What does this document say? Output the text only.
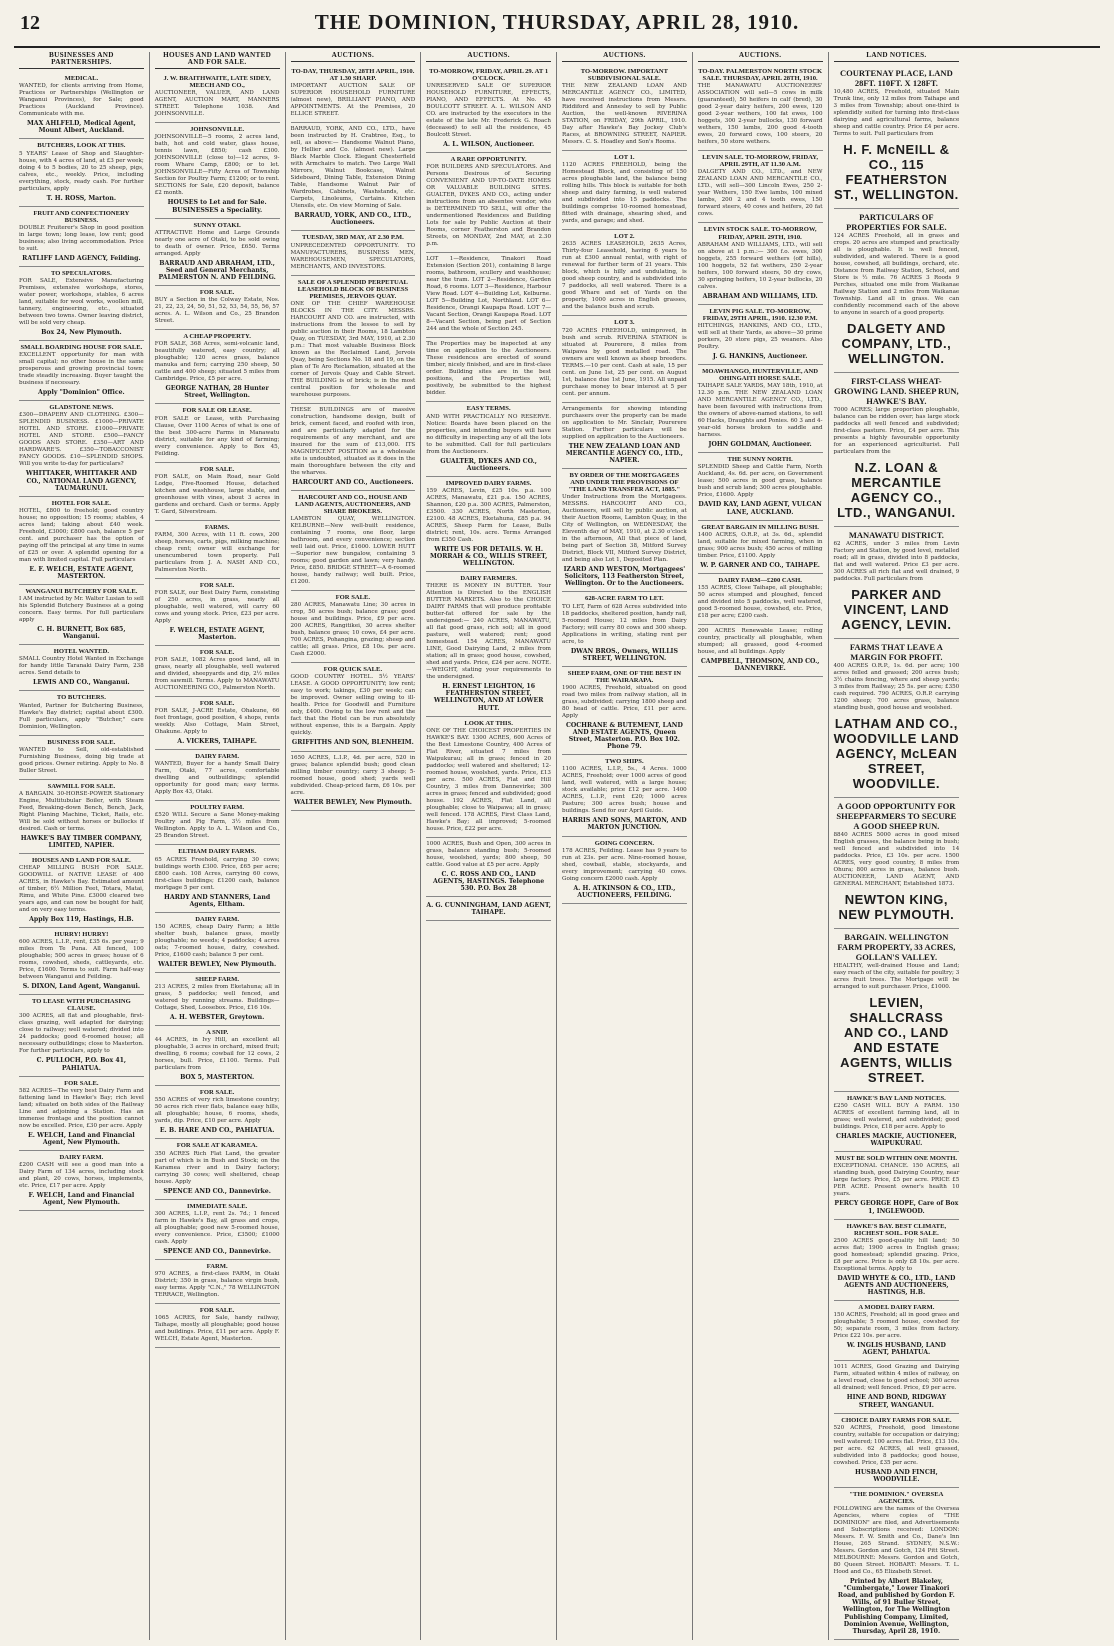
12	THE DOMINION, THURSDAY, APRIL 28, 1910.
BUSINESSES AND PARTNERSHIPS.
MEDICAL.
WANTED, for clients arriving from Home, Practices or Partnerships (Wellington or Wanganui Provinces), for Sale; good Practices (Auckland Province). Communicate with me.
MAX AHLFELD, Medical Agent, Mount Albert, Auckland.
BUTCHERS, LOOK AT THIS.
5 YEARS' Lease of Shop and Slaughter-house, with 4 acres of land, at £3 per week; doing 4 to 5 bodies, 20 to 25 sheep, pigs, calves, etc., weekly. Price, including everything, stock, ready cash. For further particulars, apply
T. H. ROSS, Marton.
FRUIT AND CONFECTIONERY BUSINESS.
DOUBLE Fruiterer's Shop in good position in large town; long lease, low rent; good business; also living accommodation. Price to suit.
RATLIFF LAND AGENCY, Feilding.
TO SPECULATORS.
FOR SALE, Extensive Manufacturing Premises, extensive workshops, stores, water power, workshops, stables, 6 acres land, suitable for wool works, woollen mill, tannery, engineering, etc., situated between two towns. Owner leaving district, will be sold very cheap.
Box 24, New Plymouth.
SMALL BOARDING HOUSE FOR SALE.
EXCELLENT opportunity for man with small capital; no other house in the same prosperous and growing provincial town; trade steadily increasing. Buyer taught the business if necessary.
Apply "Dominion" Office.
GLADSTONE NEWS.
£300—DRAPERY AND CLOTHING. £300—SPLENDID BUSINESS. £1000—PRIVATE HOTEL AND STORE. £1000—PRIVATE HOTEL AND STORE. £500—FANCY GOODS AND STORE. £350—ART AND HARDWARE'S. £350—TOBACCONIST FANCY GOODS. £10—SPLENDID SHOPS. Will you write to-day for particulars?
WHITTAKER, WHITTAKER AND CO., NATIONAL LAND AGENCY, TAUMARUNUI.
HOTEL FOR SALE.
HOTEL, £800 to freehold; good country house; no opposition; 15 rooms; stables, 4 acres land; taking about £40 week. Freehold, £3000; £800 cash, balance 5 per cent. and purchaser has the option of paying off the principal at any time in sums of £25 or over. A splendid opening for a man with limited capital. Full particulars
E. F. WELCH, ESTATE AGENT, MASTERTON.
WANGANUI BUTCHERY FOR SALE.
I AM instructed by Mr. Walter Lusian to sell his Splendid Butchery Business at a going concern. Easy terms. For full particulars apply
C. H. BURNETT, Box 685, Wanganui.
HOTEL WANTED.
SMALL Country Hotel Wanted in Exchange for handy little Taranaki Dairy Farm, 238 acres. Send details to
LEWIS AND CO., Wanganui.
TO BUTCHERS.
Wanted, Partner for Butchering Business, Hawke's Bay district; capital about £300. Full particulars, apply "Butcher," care Dominion, Wellington.
BUSINESS FOR SALE.
WANTED to Sell, old-established Furnishing Business, doing big trade at good prices. Owner retiring. Apply to No. 8 Buller Street.
SAWMILL FOR SALE.
A BARGAIN. 30-HORSE-POWER Stationary Engine, Multitubular Boiler, with Steam Feed, Breaking-down Bench, Bench, Jack, Right Planing Machine, Ticket, Rails, etc. Will be sold without horses or bullocks if desired. Cash or terms.
HAWKE'S BAY TIMBER COMPANY, LIMITED, NAPIER.
HOUSES AND LAND FOR SALE.
CHEAP MILLING BUSH FOR SALE. GOODWILL of NATIVE LEASE of 400 ACRES, in Hawke's Bay. Estimated amount of timber, 6½ Million Feet, Totara, Matai, Rimu, and White Pine. £3000 cleared two years ago, and can now be bought for half, and on very easy terms.
Apply Box 119, Hastings, H.B.
HURRY! HURRY!
600 ACRES, L.I.P., rent, £35 6s. per year; 9 miles from Te Puna. All fenced, 100 ploughable; 500 acres in grass; house of 6 rooms, cowshed, sheds, cattleyards, etc. Price, £1600. Terms to suit. Farm half-way between Wanganui and Feilding.
S. DIXON, Land Agent, Wanganui.
TO LEASE WITH PURCHASING CLAUSE.
300 ACRES, all flat and ploughable, first-class grazing, well adapted for dairying; close to railway; well watered; divided into 24 paddocks; good 6-roomed house; all necessary outbuildings; close to Masterton. For further particulars, apply to
C. PULLOCH, P.O. Box 41, PAHIATUA.
FOR SALE.
582 ACRES—The very best Dairy Farm and fattening land in Hawke's Bay; rich level land; situated on both sides of the Railway Line and adjoining a Station. Has an immense frontage and the position cannot now be excelled. Price, £30 per acre. Apply
E. WELCH, Land and Financial Agent, New Plymouth.
DAIRY FARM.
£200 CASH will see a good man into a Dairy Farm of 134 acres, including stock and plant, 20 cows, horses, implements, etc. Price, £17 per acre. Apply
F. WELCH, Land and Financial Agent, New Plymouth.
HOUSES AND LAND WANTED AND FOR SALE.
J. W. BRAITHWAITE, LATE SIDEY, MEECH AND CO.,
AUCTIONEER, VALUER, AND LAND AGENT, AUCTION MART, MANNERS STREET. Telephone 1038. And JOHNSONVILLE.
JOHNSONVILLE.
JOHNSONVILLE—5 rooms, 2 acres land, bath, hot and cold water, glass house, tennis lawn, £850; cash £300. JOHNSONVILLE (close to)—12 acres, 9-room Whare Camp, £800; or to let. JOHNSONVILLE—Fifty Acres of Township Section for Poultry Farm; £1200; or to rent. SECTIONS for Sale, £20 deposit, balance £2 month.
HOUSES to Let and for Sale. BUSINESSES a Speciality.
SUNNY OTAKI.
ATTRACTIVE Home and Large Grounds nearly one acre of Otaki, to be sold owing to death of owner. Price, £650. Terms arranged. Apply
BARRAUD AND ABRAHAM, LTD., Seed and General Merchants, PALMERSTON N. AND FEILDING.
FOR SALE.
BUY a Section in the Colway Estate, Nos. 21, 22, 23, 24, 50, 51, 52, 53, 54, 55, 56, 57 acres. A. L. Wilson and Co., 25 Brandon Street.
A CHEAP PROPERTY.
FOR SALE, 368 Acres, semi-volcanic land, beautifully watered, easy country; all ploughable; 120 acres grass, balance manuka and fern; carrying 250 sheep, 50 cattle and 400 sheep; situated 5 miles from Cambridge. Price, £5 per acre.
GEORGE NATHAN, 28 Hunter Street, Wellington.
FOR SALE OR LEASE.
FOR SALE or Lease, with Purchasing Clause, Over 1100 Acres of what is one of the best 300-acre Farms in Manawatu district, suitable for any kind of farming; every convenience. Apply to Box 45, Feilding.
FOR SALE.
FOR SALE, on Main Road, near Gold Lodge, Five-Roomed House, detached kitchen and washhouse, large stable, and greenhouse with vines, about 3 acres in gardens and orchard. Cash or terms. Apply T. Gard, Silverstream.
FARMS.
FARM, 300 Acres, with 11 ft. cows, 200 sheep, horses, carts, pigs, milking machine; cheap rent; owner will exchange for unencumbered town property. Full particulars from J. A. NASH AND CO., Palmerston North.
FOR SALE.
FOR SALE, our Best Dairy Farm, consisting of 250 acres, in grass, nearly all ploughable, well watered, will carry 60 cows and young stock. Price, £23 per acre. Apply
F. WELCH, ESTATE AGENT, Masterton.
FOR SALE.
FOR SALE, 1082 Acres good land, all in grass, nearly all ploughable, well watered and divided, sheepyards and dip, 2½ miles from sawmill. Terms. Apply to MANAWATU AUCTIONEERING CO., Palmerston North.
FOR SALE.
FOR SALE, J-ACRE Estate, Ohakune, 66 feet frontage, good position, 4 shops, rents weekly. Also Cottage, Main Street, Ohakune. Apply to
A. VICKERS, TAIHAPE.
DAIRY FARM.
WANTED, Buyer for a handy Small Dairy Farm, Otaki, 77 acres, comfortable dwelling and outbuildings; splendid opportunity for good man; easy terms. Apply Box 43, Otaki.
POULTRY FARM.
£520 WILL Secure a Sane Money-making Poultry and Pig Farm, 3½ miles from Wellington. Apply to A. L. Wilson and Co., 25 Brandon Street.
ELTHAM DAIRY FARMS.
65 ACRES Freehold, carrying 30 cows; buildings worth £300. Price, £65 per acre; £800 cash. 108 Acres, carrying 60 cows, first-class buildings; £1200 cash, balance mortgage 5 per cent.
HARDY AND STANNERS, Land Agents, Eltham.
DAIRY FARM.
150 ACRES, cheap Dairy Farm; a little shelter bush, balance grass, mostly ploughable; no weeds; 4 paddocks; 4 acres oats; 7-roomed house, dairy, cowshed. Price, £1600 cash; balance 5 per cent.
WALTER BEWLEY, New Plymouth.
SHEEP FARM.
213 ACRES, 2 miles from Eketahuna; all in grass, 5 paddocks; well fenced, and watered by running streams. Buildings—Cottage, Shed, Loosebox. Price, £16 10s.
A. H. WEBSTER, Greytown.
A SNIP.
44 ACRES, in Ivy Hill, an excellent all ploughable, 3 acres in orchard, mixed fruit; dwelling, 6 rooms; cowbail for 12 cows, 2 horses, bull. Price, £1100. Terms. Full particulars from
BOX 5, MASTERTON.
FOR SALE.
550 ACRES of very rich limestone country; 50 acres rich river flats, balance easy hills, all ploughable; house, 6 rooms, sheds, yards, dip. Price, £10 per acre. Apply
E. B. HARE AND CO., PAHIATUA.
FOR SALE AT KARAMEA.
350 ACRES Rich Flat Land, the greater part of which is in Bush and Stock; on the Karamea river and in Dairy factory; carrying 30 cows; well sheltered, cheap house. Apply
SPENCE AND CO., Dannevirke.
IMMEDIATE SALE.
300 ACRES, L.I.P., rent 2s. 7d.; 1 fenced farm in Hawke's Bay, all grass and crops, all ploughable; good new 5-roomed house, every convenience. Price, £3500; £1000 cash. Apply
SPENCE AND CO., Dannevirke.
FARM.
970 ACRES, a first-class FARM, in Otaki District; 350 in grass, balance virgin bush, easy terms. Apply "C.N.," 78 WELLINGTON TERRACE, Wellington.
FOR SALE.
1065 ACRES, for Sale, handy railway, Taihape, mostly all ploughable; good house and buildings. Price, £11 per acre. Apply F. WELCH, Estate Agent, Masterton.
AUCTIONS.
TO-DAY, THURSDAY, 28TH APRIL, 1910. AT 1.30 SHARP.
IMPORTANT AUCTION SALE OF SUPERIOR HOUSEHOLD FURNITURE (almost new), BRILLIANT PIANO, AND APPOINTMENTS. At the Premises, 20 ELLICE STREET.
BARRAUD, YORK, AND CO., LTD., have been instructed by H. Crabtree, Esq., to sell, as above:— Handsome Walnut Piano, by Hellier and Co. (almost new). Large Black Marble Clock. Elegant Chesterfield with Armchairs to match. Two Large Wall Mirrors, Walnut Bookcase, Walnut Sideboard, Dining Table, Extension Dining Table, Handsome Walnut Pair of Wardrobes, Cabinets, Washstands, etc. Carpets, Linoleums, Curtains. Kitchen Utensils, etc. On view Morning of Sale.
BARRAUD, YORK, AND CO., LTD., Auctioneers.
TUESDAY, 3RD MAY, AT 2.30 P.M.
UNPRECEDENTED OPPORTUNITY. TO MANUFACTURERS, BUSINESS MEN, WAREHOUSEMEN, SPECULATORS, MERCHANTS, AND INVESTORS.
SALE OF A SPLENDID PERPETUAL LEASEHOLD BLOCK OF BUSINESS PREMISES, JERVOIS QUAY.
ONE OF THE CHIEF WAREHOUSE BLOCKS IN THE CITY. MESSRS. HARCOURT AND CO. are instructed, with instructions from the lessee to sell by public auction in their Rooms, 18 Lambton Quay, on TUESDAY, 3rd MAY, 1910, at 2.30 p.m.: That most valuable Business Block known as the Reclaimed Land, Jervois Quay, being Sections No. 18 and 19, on the plan of Te Aro Reclamation, situated at the corner of Jervois Quay and Cable Street. THE BUILDING is of brick; is in the most central position for wholesale and warehouse purposes.
THESE BUILDINGS are of massive construction, handsome design, built of brick, cement faced, and roofed with iron, and are particularly adapted for the requirements of any merchant, and are insured for the sum of £13,000. ITS MAGNIFICENT POSITION as a wholesale site is undoubted, situated as it does in the main thoroughfare between the city and the wharves.
HARCOURT AND CO., Auctioneers.
HARCOURT AND CO., HOUSE AND LAND AGENTS, AUCTIONEERS, AND SHARE BROKERS.
LAMBTON QUAY, WELLINGTON. KELBURNE—New well-built residence, containing 7 rooms, one floor, large bathroom, and every convenience; section well laid out. Price, £1600. LOWER HUTT—Superior new bungalow, containing 5 rooms; good garden and lawn; very handy. Price, £850. BRIDGE STREET—A 6-roomed house, handy railway; well built. Price, £1200.
FOR SALE.
280 ACRES, Manawatu Line; 30 acres in crop, 50 acres bush; balance grass; good house and buildings. Price, £9 per acre. 200 ACRES, Rangitikei, 30 acres shelter bush, balance grass; 10 cows, £4 per acre. 700 ACRES, Pohangina, grazing; sheep and cattle; all grass. Price, £8 10s. per acre. Cash £2000.
FOR QUICK SALE.
GOOD COUNTRY HOTEL. 5½ YEARS' LEASE. A GOOD OPPORTUNITY; low rent; easy to work; takings, £30 per week; can be improved. Owner selling owing to ill-health. Price for Goodwill and Furniture only, £400. Owing to the low rent and the fact that the Hotel can be run absolutely without expense, this is a Bargain. Apply quickly.
GRIFFITHS AND SON, BLENHEIM.
1650 ACRES, L.I.P., 4d. per acre, 520 in grass; balance splendid bush; good clean milling timber country; carry 3 sheep; 5-roomed house, good shed; yards well subdivided. Cheap-priced farm, £6 10s. per acre.
WALTER BEWLEY, New Plymouth.
AUCTIONS.
TO-MORROW, FRIDAY, APRIL 29. AT 1 O'CLOCK.
UNRESERVED SALE OF SUPERIOR HOUSEHOLD FURNITURE, EFFECTS, PIANO, AND EFFECTS. At No. 45 BOULCOTT STREET. A. L. WILSON AND CO. are instructed by the executors in the estate of the late Mr. Frederick G. Roach (deceased) to sell all the residence, 45 Boulcott Street.
A. L. WILSON, Auctioneer.
A RARE OPPORTUNITY.
FOR BUILDERS AND SPECULATORS. And Persons Desirous of Securing CONVENIENT AND UP-TO-DATE HOMES OR VALUABLE BUILDING SITES. GUALTER, DYKES AND CO., acting under instructions from an absentee vendor, who is DETERMINED TO SELL, will offer the undermentioned Residences and Building Lots for sale by Public Auction at their Rooms, corner Featherston and Brandon Streets, on MONDAY, 2nd MAY, at 2.30 p.m.
LOT 1—Residence, Tinakori Road Extension (Section 201), containing 8 large rooms, bathroom, scullery and washhouse; near the tram. LOT 2—Residence, Garden Road, 6 rooms. LOT 3—Residence, Harbour View Road. LOT 4—Building Lot, Kelburne. LOT 5—Building Lot, Northland. LOT 6—Residence, Orangi Kaupapa Road. LOT 7—Vacant Section, Orangi Kaupapa Road. LOT 8—Vacant Section, being part of Section 244 and the whole of Section 245.
The Properties may be inspected at any time on application to the Auctioneers. These residences are erected of sound timber, nicely finished, and are in first-class order. Building sites are in the best positions, and the Properties will, positively, be submitted to the highest bidder.
EASY TERMS.
AND WITH PRACTICALLY NO RESERVE. Notice: Boards have been placed on the properties, and intending buyers will have no difficulty in inspecting any of all the lots to be submitted. Call for full particulars from the Auctioneers.
GUALTER, DYKES AND CO., Auctioneers.
IMPROVED DAIRY FARMS.
159 ACRES, Levin, £25 10s. p.a. 100 ACRES, Manawatu, £21 p.a. 150 ACRES, Shannon, £20 p.a. 300 ACRES, Palmerston, £3500. 330 ACRES, North Masterton, £2100. 48 ACRES, Eketahuna, £85 p.a. 94 ACRES, Sheep Farm for Lease, Bulls district; rent, 10s. acre. Terms Arranged from £350 Cash.
WRITE US FOR DETAILS. W. H. MORRAH & CO., WILLIS STREET, WELLINGTON.
DAIRY FARMERS.
THERE IS MONEY IN BUTTER. Your Attention is Directed to the ENGLISH BUTTER MARKETS. Also to the CHOICE DAIRY FARMS that will produce profitable butter-fat offered for sale by the undersigned:— 240 ACRES, MANAWATU, all flat good grass, rich soil; all in good pasture, well watered; rent; good homestead. 154 ACRES, MANAWATU LINE, Good Dairying Land, 2 miles from station; all in grass; good house, cowshed, shed and yards. Price, £24 per acre. NOTE.—WEIGHT, stating your requirements to the undersigned.
H. ERNEST LEIGHTON, 16 FEATHERSTON STREET, WELLINGTON, AND AT LOWER HUTT.
LOOK AT THIS.
ONE OF THE CHOICEST PROPERTIES IN HAWKE'S BAY. 1300 ACRES, 600 Acres of the Best Limestone Country, 400 Acres of Flat River, situated 7 miles from Waipukurau; all in grass; fenced in 20 paddocks; well watered and sheltered; 12-roomed house, woolshed, yards. Price, £13 per acre. 500 ACRES, Flat and Hill Country, 3 miles from Dannevirke; 300 acres in grass; fenced and subdivided; good house. 192 ACRES, Flat Land, all ploughable; close to Waipawa; all in grass; well fenced. 178 ACRES, First Class Land, Hawke's Bay; all improved; 5-roomed house. Price, £22 per acre.
1000 ACRES, Bush and Open, 300 acres in grass, balance standing bush; 5-roomed house, woolshed, yards; 800 sheep, 50 cattle. Good value at £5 per acre. Apply
C. C. ROSS AND CO., LAND AGENTS, HASTINGS. Telephone 530. P.O. Box 28
A. G. CUNNINGHAM, LAND AGENT, TAIHAPE.
AUCTIONS.
TO-MORROW. IMPORTANT SUBDIVISIONAL SALE.
THE NEW ZEALAND LOAN AND MERCANTILE AGENCY CO., LIMITED, have received instructions from Messrs. Riddiford and Annesley to sell by Public Auction, the well-known RIVERINA STATION, on FRIDAY, 29th APRIL, 1910. Day after Hawke's Bay Jockey Club's Races, at BROWNING STREET, NAPIER. Messrs. C. S. Hoadley and Son's Rooms.
LOT 1.
1120 ACRES FREEHOLD, being the Homestead Block, and consisting of 150 acres ploughable land, the balance being rolling hills. This block is suitable for both sheep and dairy farming, is well watered and subdivided into 15 paddocks. The buildings comprise 10-roomed homestead, fitted with drainage, shearing shed, and yards, and garage; and shed.
LOT 2.
2635 ACRES LEASEHOLD, 2635 Acres, Thirty-four Leasehold, having 6 years to run at £300 annual rental, with right of renewal for further term of 21 years. This block, which is hilly and undulating, is good sheep country, and is subdivided into 7 paddocks, all well watered. There is a good Whare and set of Yards on the property, 1000 acres in English grasses, and the balance bush and scrub.
LOT 3.
720 ACRES FREEHOLD, unimproved, in bush and scrub. RIVERINA STATION is situated at Pourerere, 8 miles from Waipawa by good metalled road. The owners are well known as sheep breeders. TERMS.—10 per cent. Cash at sale, 15 per cent. on June 1st, 25 per cent. on August 1st, balance due 1st June, 1915. All unpaid purchase money to bear interest at 5 per cent. per annum.
Arrangements for showing intending purchasers over the property can be made on application to Mr. Sinclair, Pourerere Station. Further particulars will be supplied on application to the Auctioneers.
THE NEW ZEALAND LOAN AND MERCANTILE AGENCY CO., LTD., NAPIER.
BY ORDER OF THE MORTGAGEES AND UNDER THE PROVISIONS OF "THE LAND TRANSFER ACT, 1885."
Under Instructions from the Mortgagees. MESSRS. HARCOURT AND CO., Auctioneers, will sell by public auction, at their Auction Rooms, Lambton Quay, in the City of Wellington, on WEDNESDAY, the Eleventh day of MAY, 1910, at 2.30 o'clock in the afternoon, All that piece of land, being part of Section 38, Mitford Survey District, Block VII, Mitford Survey District, and being also Lot 1, Deposited Plan.
IZARD AND WESTON, Mortgagees' Solicitors, 113 Featherston Street, Wellington. Or to the Auctioneers.
628-ACRE FARM TO LET.
TO LET, Farm of 628 Acres subdivided into 18 paddocks, sheltered position, handy rail, 5-roomed House; 12 miles from Dairy Factory; will carry 80 cows and 300 sheep. Applications in writing, stating rent per acre, to
DWAN BROS., Owners, WILLIS STREET, WELLINGTON.
SHEEP FARM, ONE OF THE BEST IN THE WAIRARAPA.
1900 ACRES, Freehold, situated on good road two miles from railway station, all in grass, subdivided; carrying 1800 sheep and 80 head of cattle. Price, £11 per acre. Apply
COCHRANE & BUTEMENT, LAND AND ESTATE AGENTS, Queen Street, Masterton. P.O. Box 102. Phone 79.
TWO SHIPS.
1100 ACRES, L.I.P., 5s., 4 Acres. 1000 ACRES, Freehold; over 1000 acres of good land, well watered, with a large house; stock available; price £12 per acre. 1400 ACRES, L.I.P., rent £20; 1000 acres Pasture; 300 acres bush; house and buildings. Send for our April Guide.
HARRIS AND SONS, MARTON, AND MARTON JUNCTION.
GOING CONCERN.
178 ACRES, Feilding. Lease has 9 years to run at 23s. per acre. Nine-roomed house, shed, cowbail, stable, stockyards, and every improvement; carrying 40 cows. Going concern £2000 cash. Apply
A. H. ATKINSON & CO., LTD., AUCTIONEERS, FEILDING.
AUCTIONS.
TO-DAY. PALMERSTON NORTH STOCK SALE. THURSDAY, APRIL 28TH, 1910.
THE MANAWATU AUCTIONEERS' ASSOCIATION will sell—5 cows in milk (guaranteed), 50 heifers in calf (bred), 30 good 2-year dairy heifers, 200 ewes, 120 good 2-year wethers, 100 fat ewes, 100 hoggets, 300 2-year bullocks, 130 forward wethers, 150 lambs, 200 good 4-tooth ewes, 20 forward cows, 100 steers, 20 heifers, 50 store wethers.
LEVIN SALE. TO-MORROW, FRIDAY, APRIL 29TH, AT 11.30 A.M.
DALGETY AND CO., LTD., and NEW ZEALAND LOAN AND MERCANTILE CO., LTD., will sell—300 Lincoln Ewes, 250 2-year Wethers, 150 Ewe lambs, 100 mixed lambs, 200 2 and 4 tooth ewes, 150 forward steers, 40 cows and heifers, 20 fat cows.
LEVIN STOCK SALE. TO-MORROW, FRIDAY, APRIL 29TH, 1910.
ABRAHAM AND WILLIAMS, LTD., will sell on above at 1 p.m.:— 300 f.o. ewes, 300 hoggets, 255 forward wethers (off hills), 100 hoggets, 52 fat wethers, 250 2-year heifers, 100 forward steers, 50 dry cows, 30 springing heifers, 10 2-year bullocks, 20 calves.
ABRAHAM AND WILLIAMS, LTD.
LEVIN PIG SALE. TO-MORROW, FRIDAY, 29TH APRIL, 1910. 12.30 P.M.
HITCHINGS, HANKINS, AND CO., LTD., will sell at their Yards, as above—30 prime porkers, 20 store pigs, 25 weaners. Also Poultry.
J. G. HANKINS, Auctioneer.
MOAWHANGO, HUNTERVILLE, AND OHINGAITI HORSE SALE.
TAIHAPE SALE YARDS, MAY 18th, 1910, at 12.30 p.m. THE NEW ZEALAND LOAN AND MERCANTILE AGENCY CO., LTD., have been favoured with instructions from the owners of above-named stations, to sell 60 Hacks, Draughts and Ponies. 60 3 and 4-year-old horses broken to saddle and harness.
JOHN GOLDMAN, Auctioneer.
THE SUNNY NORTH.
SPLENDID Sheep and Cattle Farm, North Auckland, 4s. 6d. per acre, on Government lease; 500 acres in good grass, balance bush and scrub land; 300 acres ploughable. Price, £1600. Apply
DAVID KAY, LAND AGENT, VULCAN LANE, AUCKLAND.
GREAT BARGAIN IN MILLING BUSH.
1400 ACRES, O.R.P., at 3s. 6d., splendid land, suitable for mixed farming, when in grass; 900 acres bush; 450 acres of milling timber. Price, £1100. Apply
W. P. GARNER AND CO., TAIHAPE.
DAIRY FARM—£200 CASH.
155 ACRES, Close Taihape, all ploughable; 50 acres stumped and ploughed, fenced and divided into 5 paddocks, well watered, good 5-roomed house, cowshed, etc. Price, £18 per acre; £200 cash.
200 ACRES Renewable Lease; rolling country, practically all ploughable, when stumped; all grassed, good 4-roomed house, and all buildings. Apply
CAMPBELL, THOMSON, AND CO., DANNEVIRKE.
LAND NOTICES.
COURTENAY PLACE, LAND 28FT. 110FT. X 128FT.
10,480 ACRES, Freehold, situated Main Trunk line, only 12 miles from Taihape and 3 miles from Township; about one-third is splendidly suited for turning into first-class dairying and agricultural farms, balance sheep and cattle country. Price £4 per acre. Terms to suit. Full particulars from
H. F. McNEILL & CO., 115 FEATHERSTON ST., WELLINGTON.
PARTICULARS OF PROPERTIES FOR SALE.
124 ACRES Freehold, all in grass and crops. 20 acres are stumped and practically all is ploughable. It is well fenced, subdivided, and watered. There is a good house, cowshed, all buildings, orchard, etc. Distance from Railway Station, School, and Store is ½ mile. 76 ACRES 3 Roods 9 Perches, situated one mile from Waikanae Railway Station and 2 miles from Waikanae Township. Land all in grass. We can confidently recommend each of the above to anyone in search of a good property.
DALGETY AND COMPANY, LTD., WELLINGTON.
FIRST-CLASS WHEAT-GROWING LAND. SHEEP RUN, HAWKE'S BAY.
7000 ACRES; large proportion ploughable, balance can be ridden over; has large stock paddocks all well fenced and subdivided; first-class pasture. Price, £4 per acre. This presents a highly favourable opportunity for an experienced agriculturist. Full particulars from the
N.Z. LOAN & MERCANTILE AGENCY CO., LTD., WANGANUI.
MANAWATU DISTRICT.
62 ACRES, under 3 miles from Levin Factory and Station, by good level, metalled road; all in grass, divided into 8 paddocks, flat and well watered. Price £3 per acre. 300 ACRES all rich flat and well drained, 9 paddocks. Full particulars from
PARKER AND VINCENT, LAND AGENCY, LEVIN.
FARMS THAT LEAVE A MARGIN FOR PROFIT.
400 ACRES O.R.P., 1s. 6d. per acre; 100 acres felled and grassed; 200 acres bush; 3½ chains fencing, where and sheep yards; 3 miles from Railway; 25 5s. per acre; £350 cash required. 790 ACRES, O.R.P. carrying 1200 sheep; 700 acres grass, balance standing bush, good house and woolshed.
LATHAM AND CO., WOODVILLE LAND AGENCY, McLEAN STREET, WOODVILLE.
A GOOD OPPORTUNITY FOR SHEEPFARMERS TO SECURE A GOOD SHEEP RUN.
8840 ACRES 5000 acres in good mixed English grasses, the balance being in bush; well fenced and subdivided into 14 paddocks. Price, £3 10s. per acre. 1500 ACRES, very good country, 8 miles from Ohura; 800 acres in grass, balance bush. AUCTIONEER, LAND AGENT, AND GENERAL MERCHANT, Established 1873.
NEWTON KING, NEW PLYMOUTH.
BARGAIN. WELLINGTON FARM PROPERTY, 33 ACRES, GOLLAN'S VALLEY.
HEALTHY, well-drained House and Land; easy reach of the city, suitable for poultry; 3 acres fruit trees. The Mortgage will be arranged to suit purchaser. Price, £1000.
LEVIEN, SHALLCRASS AND CO., LAND AND ESTATE AGENTS, WILLIS STREET.
HAWKE'S BAY LAND NOTICES.
£250 CASH WILL BUY A FARM. 150 ACRES of excellent farming land, all in grass; well watered, and subdivided; good buildings. Price, £18 per acre. Apply to
CHARLES MACKIE, AUCTIONEER, WAIPUKURAU.
MUST BE SOLD WITHIN ONE MONTH.
EXCEPTIONAL CHANCE. 150 ACRES, all standing bush, good Dairying Country, near large factory. Price, £5 per acre. PRICE £5 PER ACRE. Present owner's health 10 years.
PERCY GEORGE HOPE, Care of Box 1, INGLEWOOD.
HAWKE'S BAY. BEST CLIMATE, RICHEST SOIL. FOR SALE.
2500 ACRES good-quality hill land; 50 acres flat; 1900 acres in English grass; good homestead; splendid grazing. Price, £8 per acre. Price is only £8 10s. per acre. Exceptional terms. Apply to
DAVID WHYTE & CO., LTD., LAND AGENTS AND AUCTIONEERS, HASTINGS, H.B.
A MODEL DAIRY FARM.
150 ACRES, Freehold; all in good grass and ploughable; 5 roomed house, cowshed for 50; separate room, 3 miles from factory. Price £22 10s. per acre.
W. INGLIS HUSBAND, LAND AGENT, PAHIATUA.
1011 ACRES, Good Grazing and Dairying Farm, situated within 4 miles of railway, on a level road, close to good school; 300 acres all drained; well fenced. Price, £9 per acre.
HINE AND BOND, RIDGWAY STREET, WANGANUI.
CHOICE DAIRY FARMS FOR SALE.
520 ACRES, Freehold, good limestone country, suitable for occupation or dairying; well watered; 100 acres flat. Price, £13 10s. per acre. 62 ACRES, all well grassed, subdivided into 8 paddocks; good house, cowshed. Price, £35 per acre.
HUSBAND AND FINCH, WOODVILLE.
"THE DOMINION." OVERSEA AGENCIES.
FOLLOWING are the names of the Oversea Agencies, where copies of "THE DOMINION" are filed, and Advertisements and Subscriptions received: LONDON: Messrs. F. W. Smith and Co., Dane's Inn House, 265 Strand. SYDNEY, N.S.W.: Messrs. Gordon and Gotch, 124 Pitt Street. MELBOURNE: Messrs. Gordon and Gotch, 80 Queen Street. HOBART: Messrs. T. L. Hood and Co., 65 Elizabeth Street.
Printed by Albert Blakeley, "Cumbergate," Lower Tinakori Road, and published by Gordon F. Wills, of 91 Buller Street, Wellington, for The Wellington Publishing Company, Limited, Dominion Avenue, Wellington, Thursday, April 28, 1910.
